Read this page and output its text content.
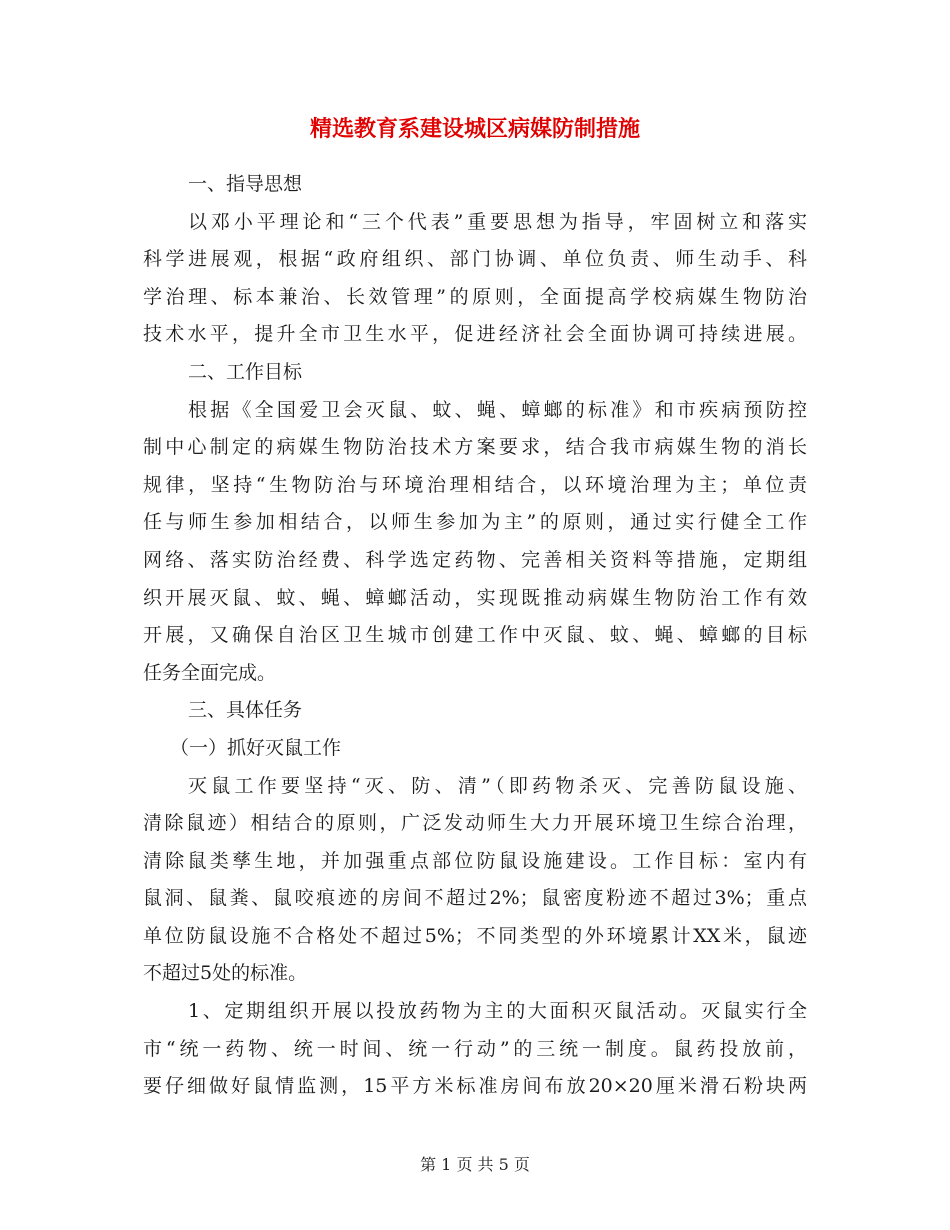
精选教育系建设城区病媒防制措施
一、指导思想
以邓小平理论和“三个代表”重要思想为指导，牢固树立和落实
科学进展观，根据“政府组织、部门协调、单位负责、师生动手、科
学治理、标本兼治、长效管理”的原则，全面提高学校病媒生物防治
技术水平，提升全市卫生水平，促进经济社会全面协调可持续进展。
二、工作目标
根据《全国爱卫会灭鼠、蚊、蝇、蟑螂的标准》和市疾病预防控
制中心制定的病媒生物防治技术方案要求，结合我市病媒生物的消长
规律，坚持“生物防治与环境治理相结合，以环境治理为主；单位责
任与师生参加相结合，以师生参加为主”的原则，通过实行健全工作
网络、落实防治经费、科学选定药物、完善相关资料等措施，定期组
织开展灭鼠、蚊、蝇、蟑螂活动，实现既推动病媒生物防治工作有效
开展，又确保自治区卫生城市创建工作中灭鼠、蚊、蝇、蟑螂的目标
任务全面完成。
三、具体任务
（一）抓好灭鼠工作
灭鼠工作要坚持“灭、防、清”（即药物杀灭、完善防鼠设施、
清除鼠迹）相结合的原则，广泛发动师生大力开展环境卫生综合治理，
清除鼠类孳生地，并加强重点部位防鼠设施建设。工作目标：室内有
鼠洞、鼠粪、鼠咬痕迹的房间不超过2%；鼠密度粉迹不超过3%；重点
单位防鼠设施不合格处不超过5%；不同类型的外环境累计XX米，鼠迹
不超过5处的标准。
1、定期组织开展以投放药物为主的大面积灭鼠活动。灭鼠实行全
市“统一药物、统一时间、统一行动”的三统一制度。鼠药投放前，
要仔细做好鼠情监测，15平方米标准房间布放20×20厘米滑石粉块两
第 1 页 共 5 页
